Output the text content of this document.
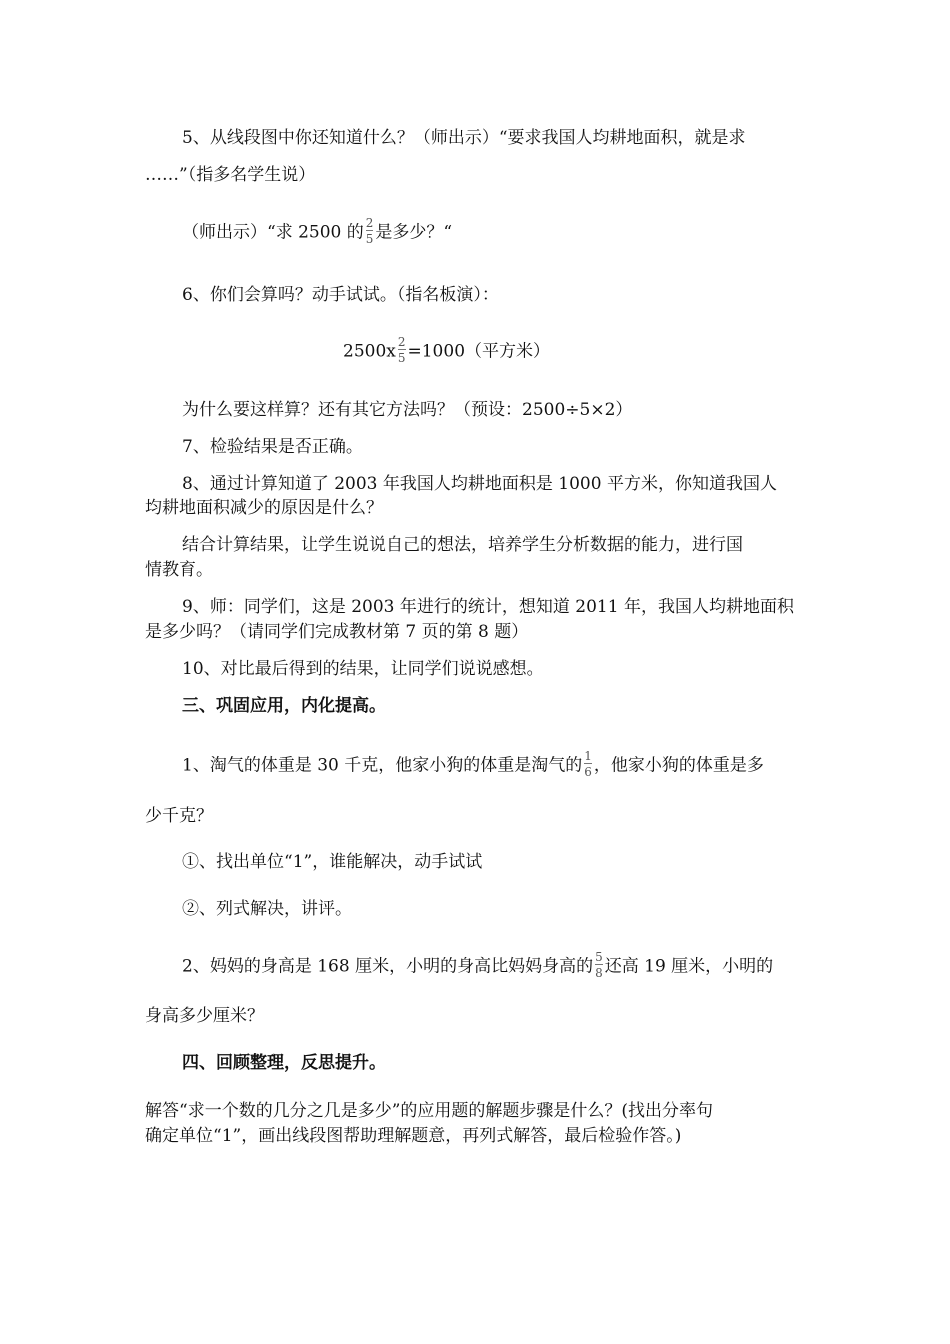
5、从线段图中你还知道什么？（师出示）“要求我国人均耕地面积，就是求
……”（指多名学生说）
（师出示）“求 2500 的 $\frac{2}{5}$ 是多少？“
6、你们会算吗？动手试试。（指名板演）：
$2500x \frac{2}{5} =1000$（平方米）
为什么要这样算？还有其它方法吗？（预设：2500÷5×2）
7、检验结果是否正确。
8、通过计算知道了 2003 年我国人均耕地面积是 1000 平方米，你知道我国人
均耕地面积减少的原因是什么？
结合计算结果，让学生说说自己的想法，培养学生分析数据的能力，进行国
情教育。
9、师：同学们，这是 2003 年进行的统计，想知道 2011 年，我国人均耕地面积
是多少吗？（请同学们完成教材第 7 页的第 8 题）
10、对比最后得到的结果，让同学们说说感想。
三、巩固应用，内化提高。
1、淘气的体重是 30 千克，他家小狗的体重是淘气的 $\frac{1}{6}$ ，他家小狗的体重是多
少千克？
①、找出单位“1”，谁能解决，动手试试
②、列式解决，讲评。
2、妈妈的身高是 168 厘米，小明的身高比妈妈身高的 $\frac{5}{8}$ 还高 19 厘米，小明的
身高多少厘米？
四、回顾整理，反思提升。
解答“求一个数的几分之几是多少”的应用题的解题步骤是什么？(找出分率句
确定单位“1”，画出线段图帮助理解题意，再列式解答，最后检验作答。)
